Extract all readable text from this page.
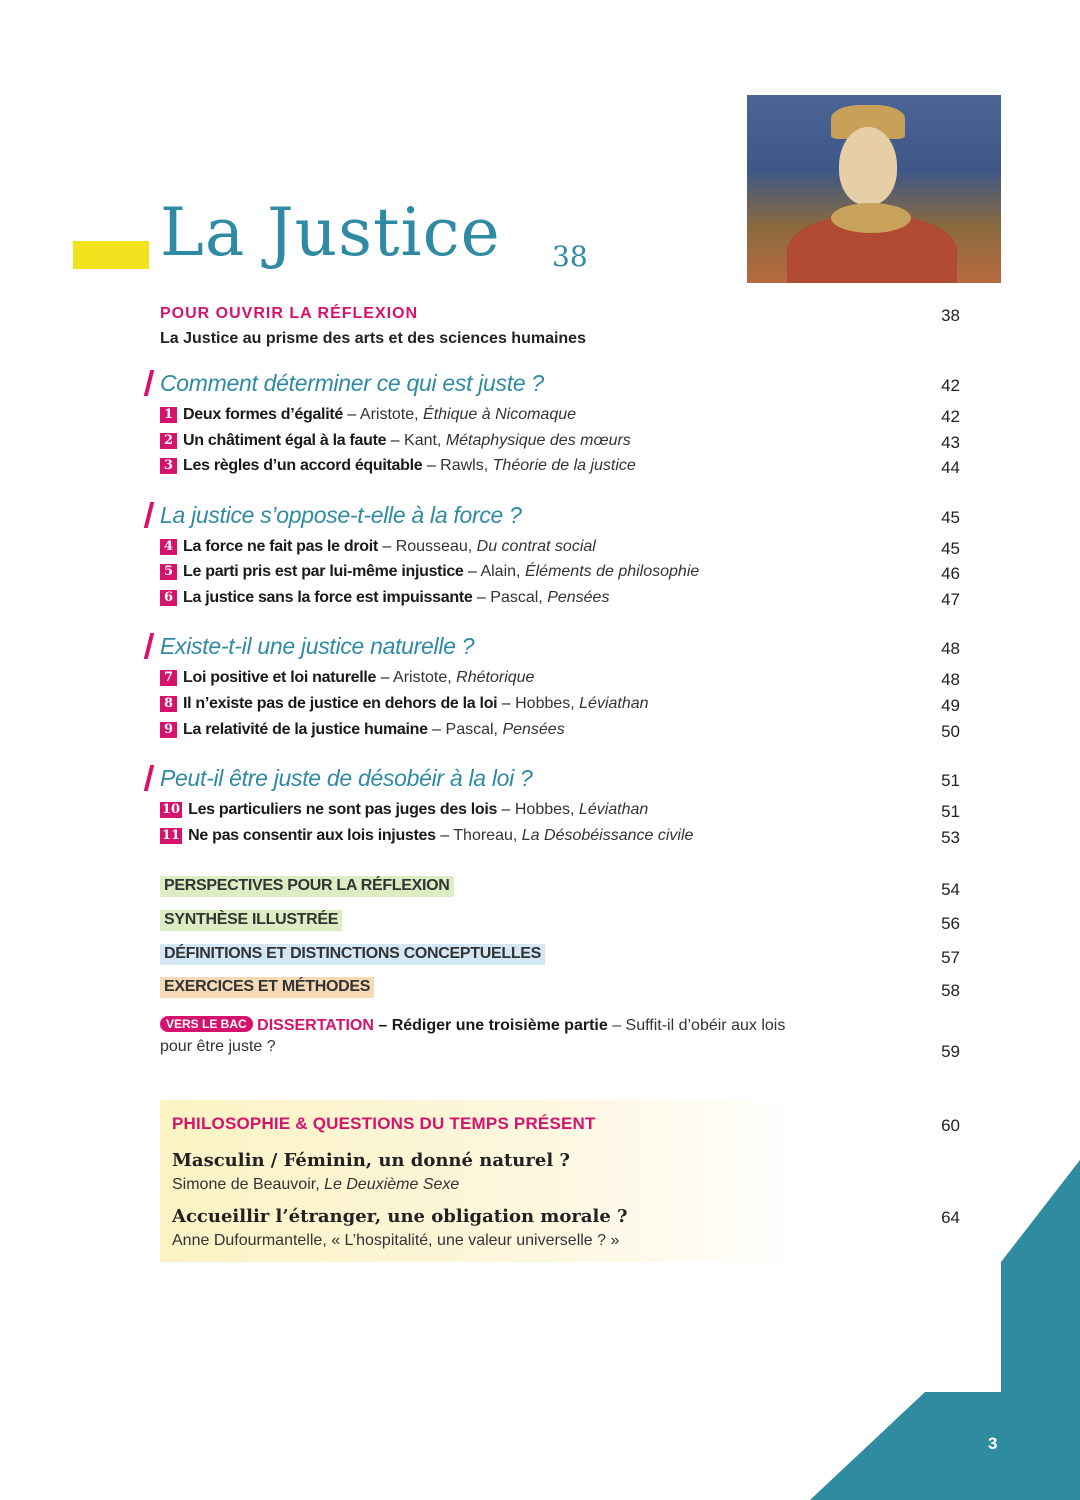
La Justice 38
POUR OUVRIR LA RÉFLEXION	38
La Justice au prisme des arts et des sciences humaines
Comment déterminer ce qui est juste ?	42
1 Deux formes d’égalité – Aristote, Éthique à Nicomaque	42
2 Un châtiment égal à la faute – Kant, Métaphysique des mœurs	43
3 Les règles d’un accord équitable – Rawls, Théorie de la justice	44
La justice s’oppose-t-elle à la force ?	45
4 La force ne fait pas le droit – Rousseau, Du contrat social	45
5 Le parti pris est par lui-même injustice – Alain, Éléments de philosophie	46
6 La justice sans la force est impuissante – Pascal, Pensées	47
Existe-t-il une justice naturelle ?	48
7 Loi positive et loi naturelle – Aristote, Rhétorique	48
8 Il n’existe pas de justice en dehors de la loi – Hobbes, Léviathan	49
9 La relativité de la justice humaine – Pascal, Pensées	50
Peut-il être juste de désobéir à la loi ?	51
10 Les particuliers ne sont pas juges des lois – Hobbes, Léviathan	51
11 Ne pas consentir aux lois injustes – Thoreau, La Désobéissance civile	53
PERSPECTIVES POUR LA RÉFLEXION	54
SYNTHÈSE ILLUSTRÉE	56
DÉFINITIONS ET DISTINCTIONS CONCEPTUELLES	57
EXERCICES ET MÉTHODES	58
VERS LE BAC DISSERTATION – Rédiger une troisième partie – Suffit-il d’obéir aux lois
pour être juste ?	59
PHILOSOPHIE & QUESTIONS DU TEMPS PRÉSENT	60
Masculin / Féminin, un donné naturel ?
Simone de Beauvoir, Le Deuxième Sexe
Accueillir l’étranger, une obligation morale ?	64
Anne Dufourmantelle, « L’hospitalité, une valeur universelle ? »
3
